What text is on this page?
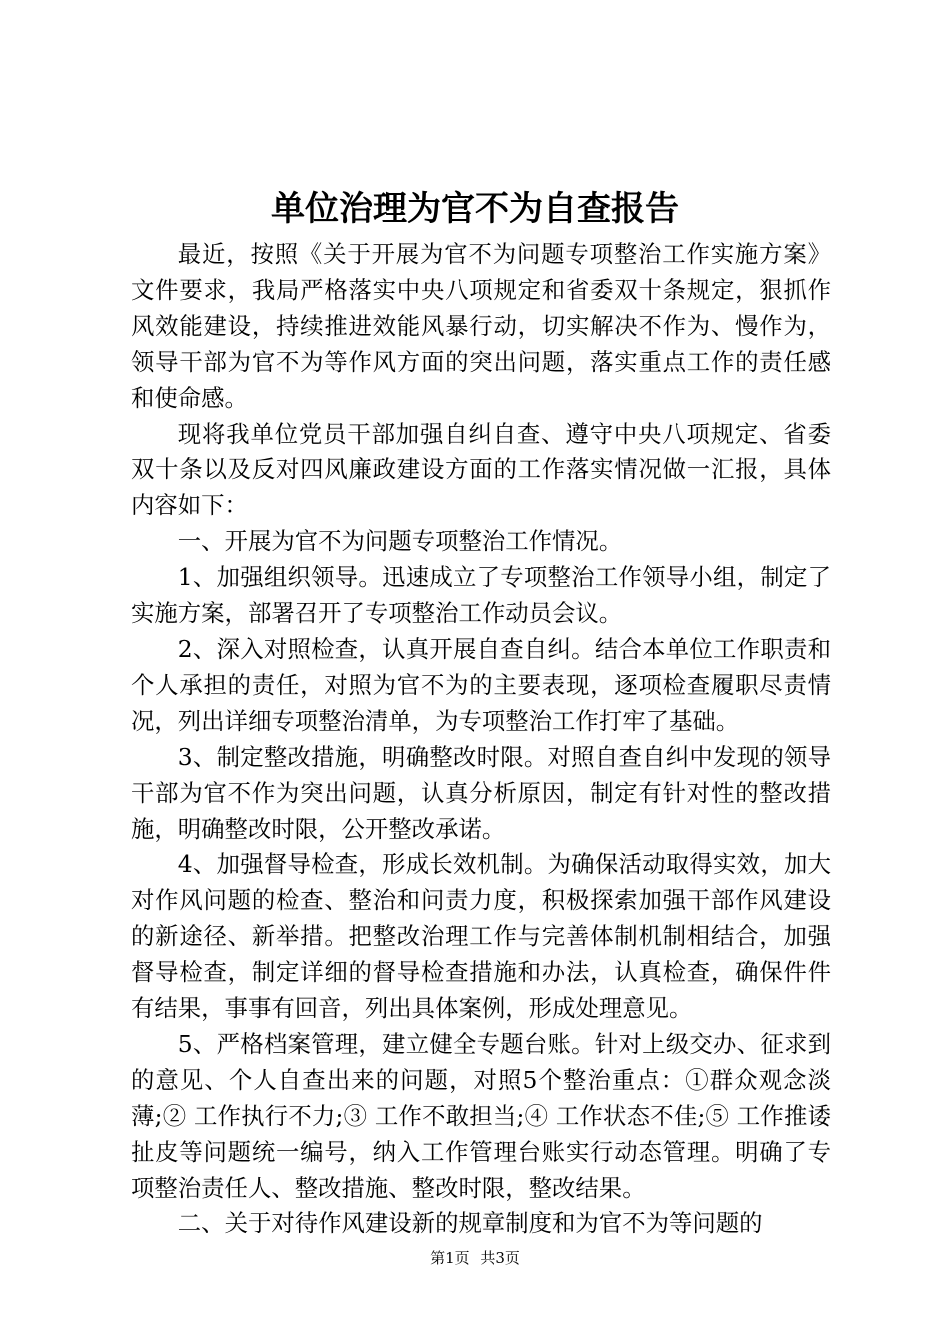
单位治理为官不为自查报告

最近，按照《关于开展为官不为问题专项整治工作实施方案》文件要求，我局严格落实中央八项规定和省委双十条规定，狠抓作风效能建设，持续推进效能风暴行动，切实解决不作为、慢作为，领导干部为官不为等作风方面的突出问题，落实重点工作的责任感和使命感。

现将我单位党员干部加强自纠自查、遵守中央八项规定、省委双十条以及反对四风廉政建设方面的工作落实情况做一汇报，具体内容如下：

一、开展为官不为问题专项整治工作情况。

1、加强组织领导。迅速成立了专项整治工作领导小组，制定了实施方案，部署召开了专项整治工作动员会议。

2、深入对照检查，认真开展自查自纠。结合本单位工作职责和个人承担的责任，对照为官不为的主要表现，逐项检查履职尽责情况，列出详细专项整治清单，为专项整治工作打牢了基础。

3、制定整改措施，明确整改时限。对照自查自纠中发现的领导干部为官不作为突出问题，认真分析原因，制定有针对性的整改措施，明确整改时限，公开整改承诺。

4、加强督导检查，形成长效机制。为确保活动取得实效，加大对作风问题的检查、整治和问责力度，积极探索加强干部作风建设的新途径、新举措。把整改治理工作与完善体制机制相结合，加强督导检查，制定详细的督导检查措施和办法，认真检查，确保件件有结果，事事有回音，列出具体案例，形成处理意见。

5、严格档案管理，建立健全专题台账。针对上级交办、征求到的意见、个人自查出来的问题，对照5个整治重点：①群众观念淡薄;② 工作执行不力;③ 工作不敢担当;④ 工作状态不佳;⑤ 工作推诿扯皮等问题统一编号，纳入工作管理台账实行动态管理。明确了专项整治责任人、整改措施、整改时限，整改结果。

二、关于对待作风建设新的规章制度和为官不为等问题的

第1页 共3页
